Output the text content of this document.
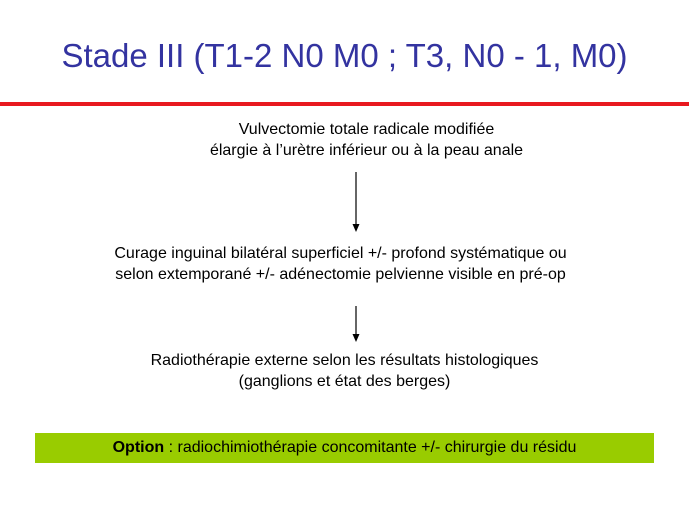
Stade III (T1-2 N0 M0 ; T3, N0 - 1, M0)
Vulvectomie totale radicale modifiée
élargie à l’urètre inférieur ou à la peau anale
Curage inguinal bilatéral superficiel +/- profond systématique ou
selon extemporané +/- adénectomie pelvienne visible en pré-op
Radiothérapie externe selon les résultats histologiques
(ganglions et état des berges)
Option : radiochimiothérapie concomitante +/- chirurgie du résidu
